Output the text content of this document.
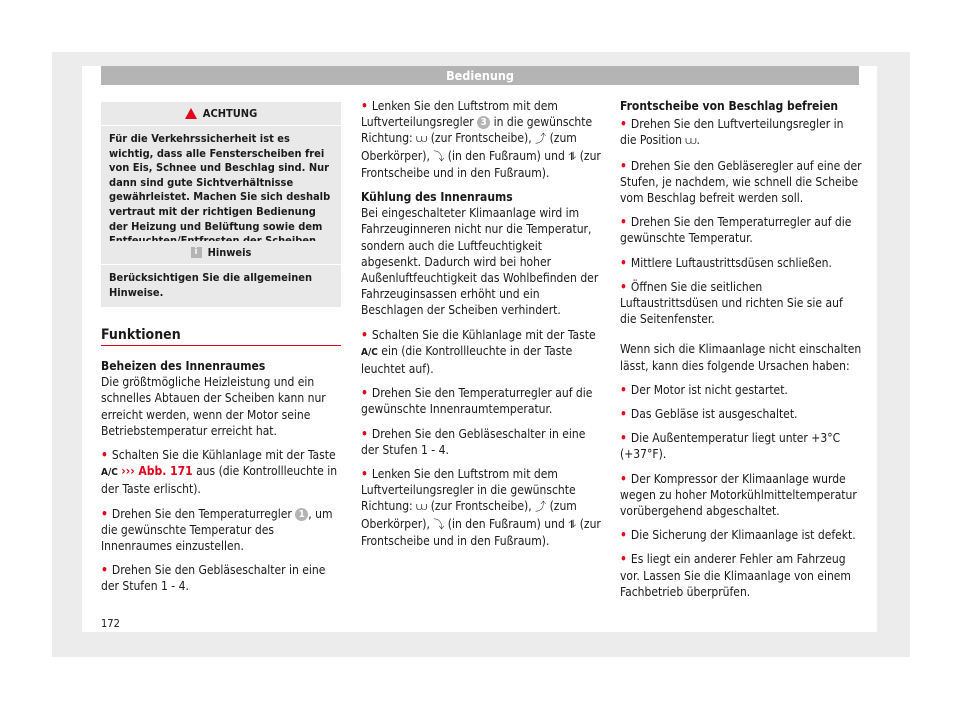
Bedienung
ACHTUNG
Für die Verkehrssicherheit ist es wichtig, dass alle Fensterscheiben frei von Eis, Schnee und Beschlag sind. Nur dann sind gute Sichtverhältnisse gewährleistet. Machen Sie sich deshalb vertraut mit der richtigen Bedienung der Heizung und Belüftung sowie dem
i Hinweis
Berücksichtigen Sie die allgemeinen Hinweise.
Funktionen

Beheizen des Innenraumes

Die größtmögliche Heizleistung und ein schnelles Abtauen der Scheiben kann nur erreicht werden, wenn der Motor seine Betriebstemperatur erreicht hat.

• Schalten Sie die Kühlanlage mit der Taste A/C ››› Abb. 171 aus (die Kontrollleuchte in der Taste erlischt).

• Drehen Sie den Temperaturregler 1 , um die gewünschte Temperatur des Innenraumes einzustellen.

• Drehen Sie den Gebläseschalter in eine der Stufen 1 - 4.

• Lenken Sie den Luftstrom mit dem Luftverteilungsregler 3 in die gewünschte Richtung: ⩊ (zur Frontscheibe), ⤴ (zum Oberkörper), ⤵ (in den Fußraum) und ⥮ (zur Frontscheibe und in den Fußraum).

Kühlung des Innenraums

Bei eingeschalteter Klimaanlage wird im Fahrzeuginneren nicht nur die Temperatur, sondern auch die Luftfeuchtigkeit abgesenkt. Dadurch wird bei hoher Außenluftfeuchtigkeit das Wohlbefinden der Fahrzeuginsassen erhöht und ein Beschlagen der Scheiben verhindert.

• Schalten Sie die Kühlanlage mit der Taste A/C ein (die Kontrollleuchte in der Taste leuchtet auf).

• Drehen Sie den Temperaturregler auf die gewünschte Innenraumtemperatur.

• Drehen Sie den Gebläseschalter in eine der Stufen 1 - 4.

• Lenken Sie den Luftstrom mit dem Luftverteilungsregler in die gewünschte Richtung: ⩊ (zur Frontscheibe), ⤴ (zum Oberkörper), ⤵ (in den Fußraum) und ⥮ (zur Frontscheibe und in den Fußraum).

Frontscheibe von Beschlag befreien

• Drehen Sie den Luftverteilungsregler in die Position ⩊.

• Drehen Sie den Gebläseregler auf eine der Stufen, je nachdem, wie schnell die Scheibe vom Beschlag befreit werden soll.

• Drehen Sie den Temperaturregler auf die gewünschte Temperatur.

• Mittlere Luftaustrittsdüsen schließen.

• Öffnen Sie die seitlichen Luftaustrittsdüsen und richten Sie sie auf die Seitenfenster.

Wenn sich die Klimaanlage nicht einschalten lässt, kann dies folgende Ursachen haben:

• Der Motor ist nicht gestartet.

• Das Gebläse ist ausgeschaltet.

• Die Außentemperatur liegt unter +3°C (+37°F).

• Der Kompressor der Klimaanlage wurde wegen zu hoher Motorkühlmitteltemperatur vorübergehend abgeschaltet.

• Die Sicherung der Klimaanlage ist defekt.

• Es liegt ein anderer Fehler am Fahrzeug vor. Lassen Sie die Klimaanlage von einem Fachbetrieb überprüfen.

172
